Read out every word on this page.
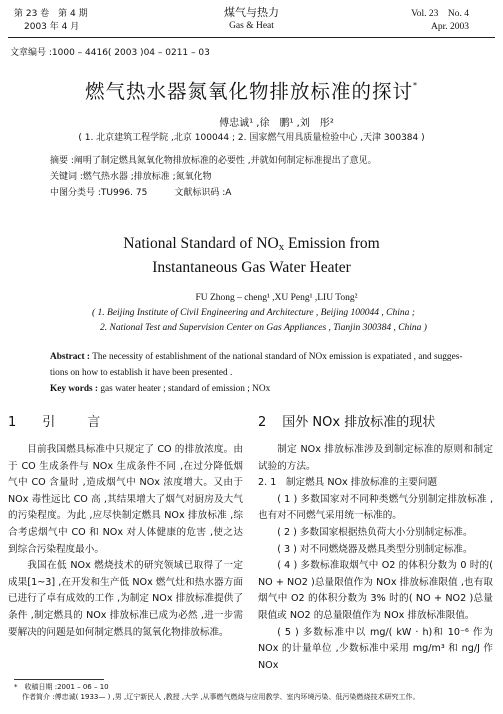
第 23 卷　第 4 期
2003 年 4 月
煤气与热力
Gas & Heat
Vol. 23　No. 4
Apr. 2003
文章编号 :1000 – 4416( 2003 )04 – 0211 – 03
燃气热水器氮氧化物排放标准的探讨*
傅忠诚¹ ,徐　鹏¹ ,刘　彤²
( 1. 北京建筑工程学院 ,北京 100044 ; 2. 国家燃气用具质量检验中心 ,天津 300384 )
摘要 :阐明了制定燃具氮氧化物排放标准的必要性 ,并就如何制定标准提出了意见。
关键词 :燃气热水器 ;排放标准 ;氮氧化物
中图分类号 :TU996. 75　　　文献标识码 :A
National Standard of $NO_x$ Emission from
Instantaneous Gas Water Heater
FU Zhong – cheng¹ ,XU Peng¹ ,LIU Tong²
( 1. Beijing Institute of Civil Engineering and Architecture , Beijing 100044 , China ;
2. National Test and Supervision Center on Gas Appliances , Tianjin 300384 , China )
Abstract : The necessity of establishment of the national standard of NOx emission is expatiated , and sugges-
tions on how to establish it have been presented .
Key words : gas water heater ; standard of emission ; NOx
1 引　　言

目前我国燃具标准中只规定了 CO 的排放浓度。由于 CO 生成条件与 NOx 生成条件不同 ,在过分降低烟气中 CO 含量时 ,造成烟气中 NOx 浓度增大。又由于 NOx 毒性远比 CO 高 ,其结果增大了烟气对厨房及大气的污染程度。为此 ,应尽快制定燃具 NOx 排放标准 ,综合考虑烟气中 CO 和 NOx 对人体健康的危害 ,使之达到综合污染程度最小。

我国在低 NOx 燃烧技术的研究领域已取得了一定成果[1~3] ,在开发和生产低 NOx 燃气灶和热水器方面已进行了卓有成效的工作 ,为制定 NOx 排放标准提供了条件 ,制定燃具的 NOx 排放标准已成为必然 ,进一步需要解决的问题是如何制定燃具的氮氧化物排放标准。

2 国外 NOx 排放标准的现状

制定 NOx 排放标准涉及到制定标准的原则和制定试验的方法。

2. 1　制定燃具 NOx 排放标准的主要问题

( 1 ) 多数国家对不同种类燃气分别制定排放标准 ,也有对不同燃气采用统一标准的。

( 2 ) 多数国家根据热负荷大小分别制定标准。

( 3 ) 对不同燃烧器及燃具类型分别制定标准。

( 4 ) 多数标准取烟气中 O2 的体积分数为 0 时的( NO + NO2 )总量限值作为 NOx 排放标准限值 ,也有取烟气中 O2 的体积分数为 3% 时的( NO + NO2 )总量限值或 NO2 的总量限值作为 NOx 排放标准限值。

( 5 ) 多数标准中以 mg/( kW · h)和 10⁻⁶ 作为 NOx 的计量单位 ,少数标准中采用 mg/m³ 和 ng/J 作 NOx

*　 收稿日期 :2001 – 06 – 10
作者简介 :傅忠诚( 1933— ) ,男 ,辽宁新民人 ,教授 ,大学 ,从事燃气燃烧与应用教学、室内环境污染、低污染燃烧技术研究工作。
